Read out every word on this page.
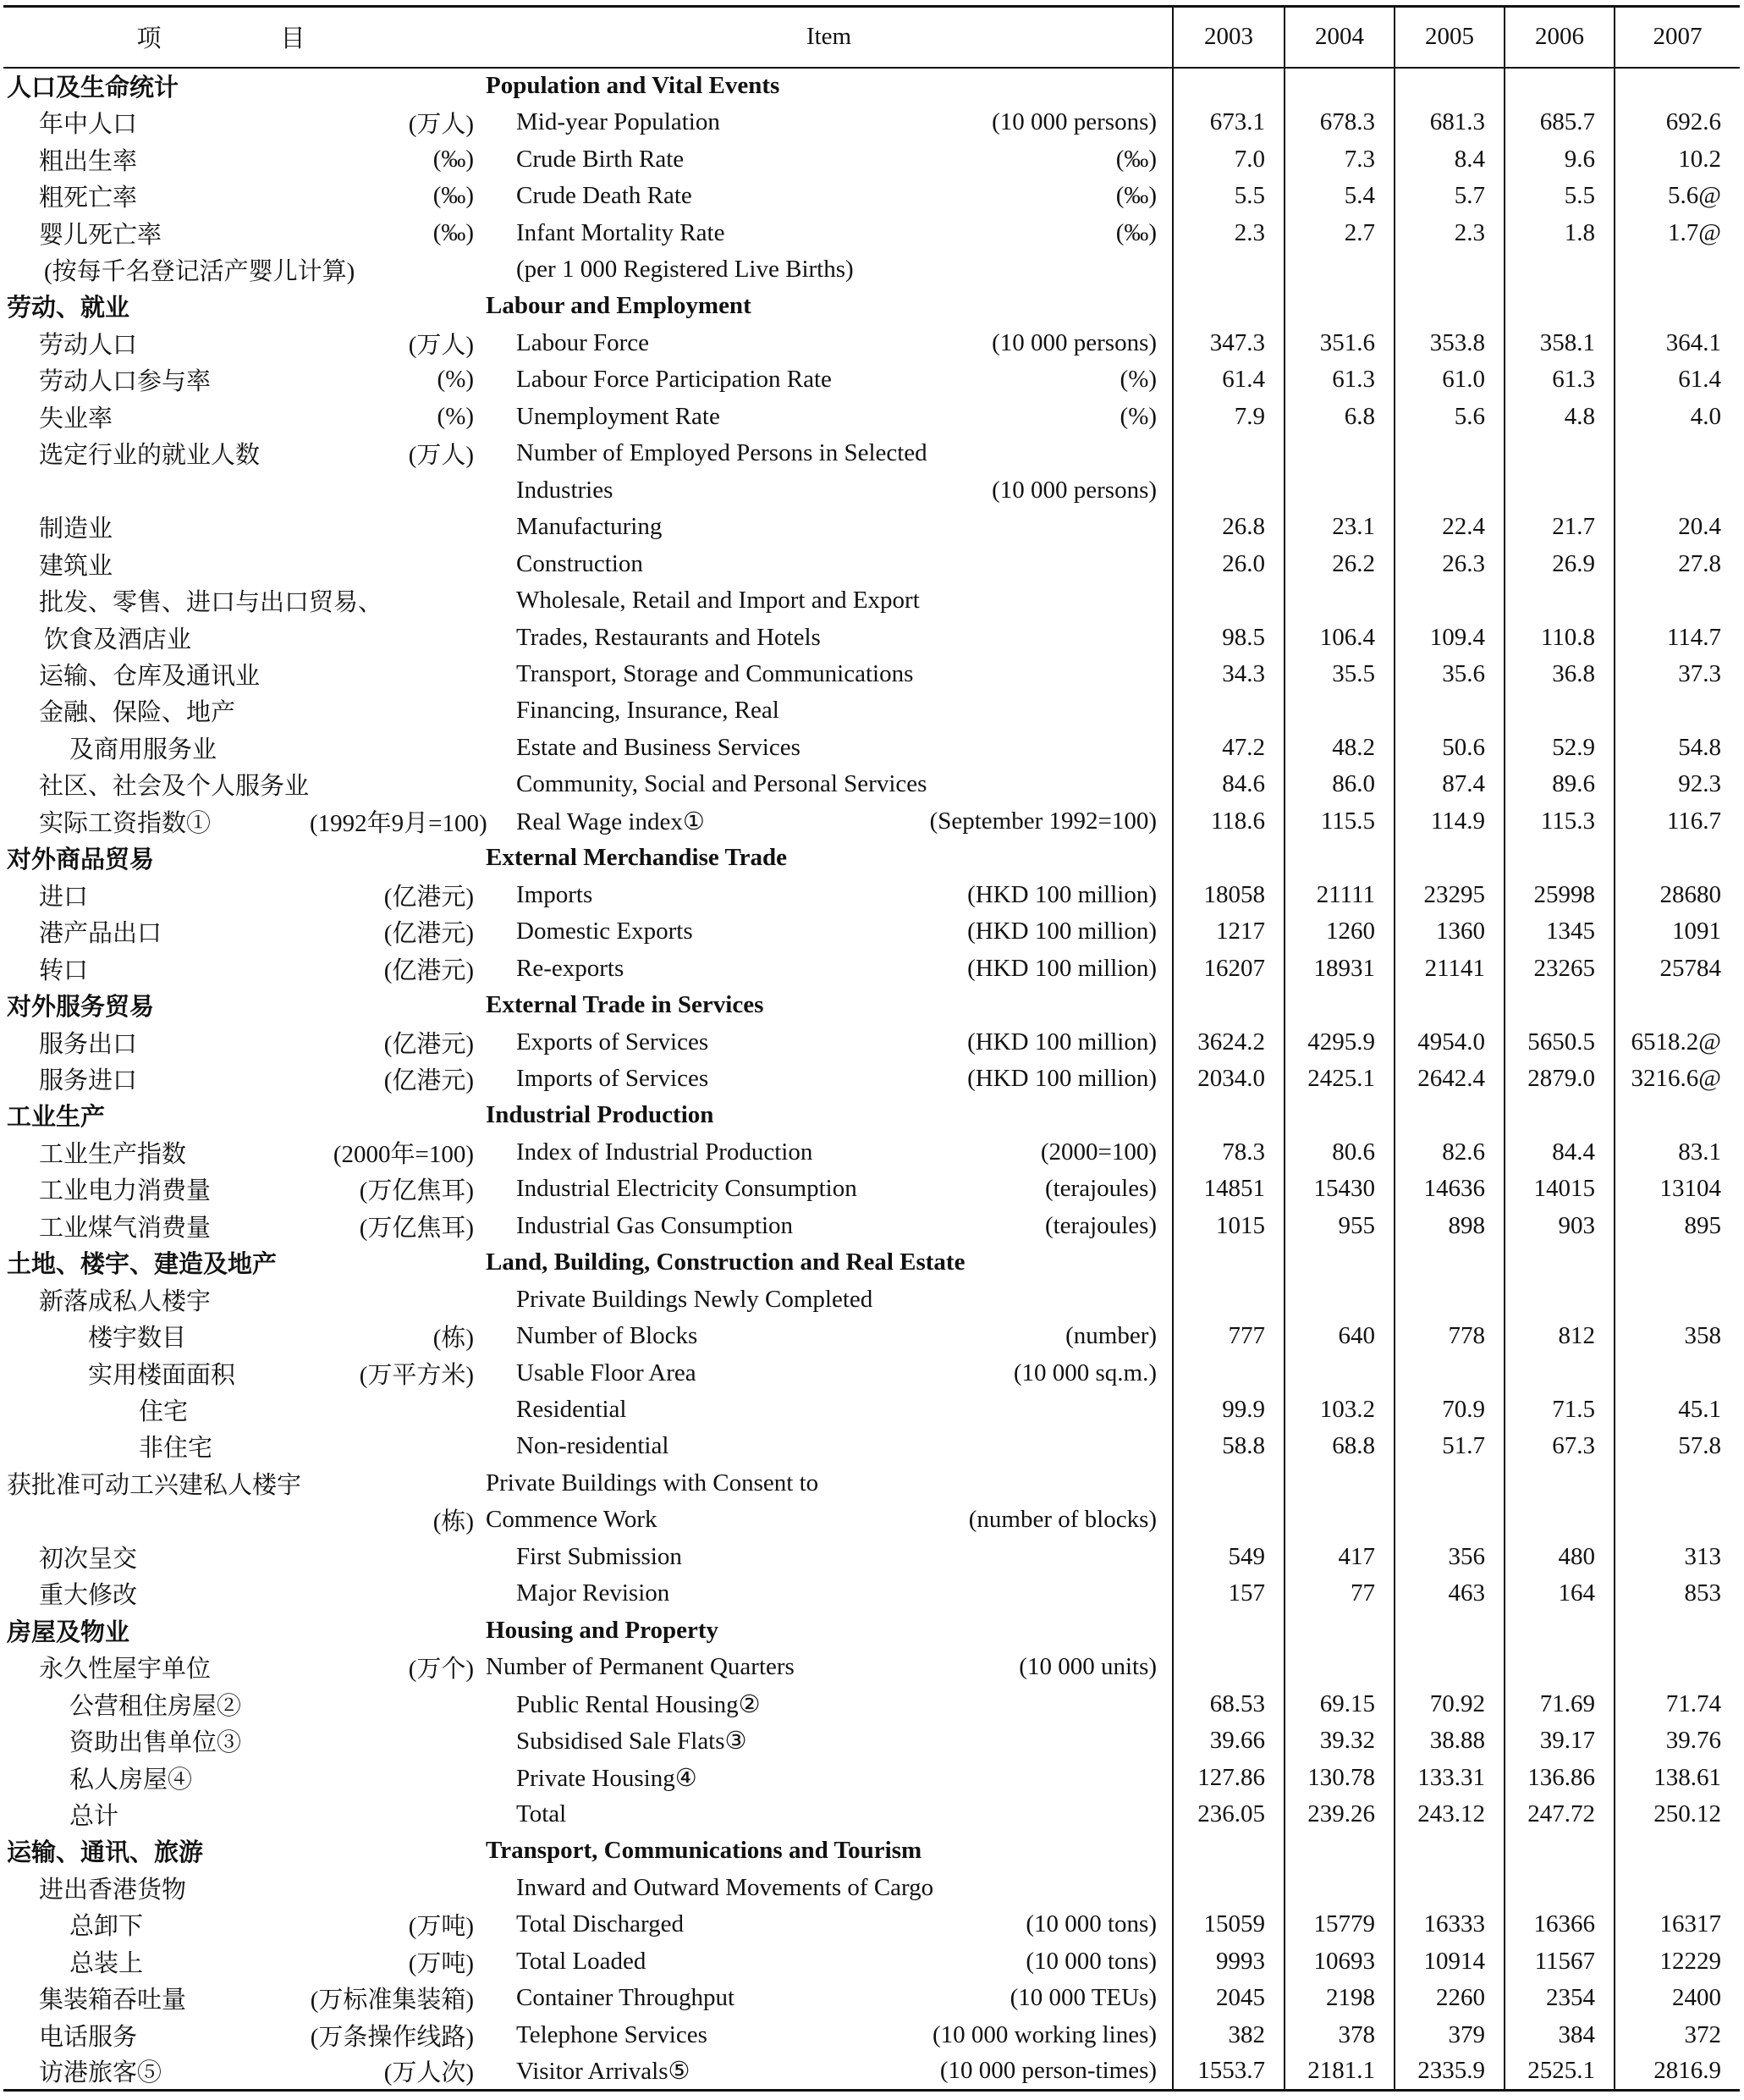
项　目		Item		2003	2004	2005	2006	2007
人口及生命统计		Population and Vital Events						
年中人口	(万人)	Mid-year Population	(10 000 persons)	673.1	678.3	681.3	685.7	692.6
粗出生率	(‰)	Crude Birth Rate	(‰)	7.0	7.3	8.4	9.6	10.2
粗死亡率	(‰)	Crude Death Rate	(‰)	5.5	5.4	5.7	5.5	5.6@
婴儿死亡率	(‰)	Infant Mortality Rate	(‰)	2.3	2.7	2.3	1.8	1.7@
(按每千名登记活产婴儿计算)		(per 1 000 Registered Live Births)						
劳动、就业		Labour and Employment						
劳动人口	(万人)	Labour Force	(10 000 persons)	347.3	351.6	353.8	358.1	364.1
劳动人口参与率	(%)	Labour Force Participation Rate	(%)	61.4	61.3	61.0	61.3	61.4
失业率	(%)	Unemployment Rate	(%)	7.9	6.8	5.6	4.8	4.0
选定行业的就业人数	(万人)	Number of Employed Persons in Selected						
		Industries	(10 000 persons)					
制造业		Manufacturing		26.8	23.1	22.4	21.7	20.4
建筑业		Construction		26.0	26.2	26.3	26.9	27.8
批发、零售、进口与出口贸易、		Wholesale, Retail and Import and Export						
饮食及酒店业		Trades, Restaurants and Hotels		98.5	106.4	109.4	110.8	114.7
运输、仓库及通讯业		Transport, Storage and Communications		34.3	35.5	35.6	36.8	37.3
金融、保险、地产		Financing, Insurance, Real						
及商用服务业		Estate and Business Services		47.2	48.2	50.6	52.9	54.8
社区、社会及个人服务业		Community, Social and Personal Services		84.6	86.0	87.4	89.6	92.3
实际工资指数①	(1992年9月=100)	Real Wage index①	(September 1992=100)	118.6	115.5	114.9	115.3	116.7
对外商品贸易		External Merchandise Trade						
进口	(亿港元)	Imports	(HKD 100 million)	18058	21111	23295	25998	28680
港产品出口	(亿港元)	Domestic Exports	(HKD 100 million)	1217	1260	1360	1345	1091
转口	(亿港元)	Re-exports	(HKD 100 million)	16207	18931	21141	23265	25784
对外服务贸易		External Trade in Services						
服务出口	(亿港元)	Exports of Services	(HKD 100 million)	3624.2	4295.9	4954.0	5650.5	6518.2@
服务进口	(亿港元)	Imports of Services	(HKD 100 million)	2034.0	2425.1	2642.4	2879.0	3216.6@
工业生产		Industrial Production						
工业生产指数	(2000年=100)	Index of Industrial Production	(2000=100)	78.3	80.6	82.6	84.4	83.1
工业电力消费量	(万亿焦耳)	Industrial Electricity Consumption	(terajoules)	14851	15430	14636	14015	13104
工业煤气消费量	(万亿焦耳)	Industrial Gas Consumption	(terajoules)	1015	955	898	903	895
土地、楼宇、建造及地产		Land, Building, Construction and Real Estate						
新落成私人楼宇		Private Buildings Newly Completed						
楼宇数目	(栋)	Number of Blocks	(number)	777	640	778	812	358
实用楼面面积	(万平方米)	Usable Floor Area	(10 000 sq.m.)					
住宅		Residential		99.9	103.2	70.9	71.5	45.1
非住宅		Non-residential		58.8	68.8	51.7	67.3	57.8
获批准可动工兴建私人楼宇		Private Buildings with Consent to						
	(栋)	Commence Work	(number of blocks)					
初次呈交		First Submission		549	417	356	480	313
重大修改		Major Revision		157	77	463	164	853
房屋及物业		Housing and Property						
永久性屋宇单位	(万个)	Number of Permanent Quarters	(10 000 units)					
公营租住房屋②		Public Rental Housing②		68.53	69.15	70.92	71.69	71.74
资助出售单位③		Subsidised Sale Flats③		39.66	39.32	38.88	39.17	39.76
私人房屋④		Private Housing④		127.86	130.78	133.31	136.86	138.61
总计		Total		236.05	239.26	243.12	247.72	250.12
运输、通讯、旅游		Transport, Communications and Tourism						
进出香港货物		Inward and Outward Movements of Cargo						
总卸下	(万吨)	Total Discharged	(10 000 tons)	15059	15779	16333	16366	16317
总装上	(万吨)	Total Loaded	(10 000 tons)	9993	10693	10914	11567	12229
集装箱吞吐量	(万标准集装箱)	Container Throughput	(10 000 TEUs)	2045	2198	2260	2354	2400
电话服务	(万条操作线路)	Telephone Services	(10 000 working lines)	382	378	379	384	372
访港旅客⑤	(万人次)	Visitor Arrivals⑤	(10 000 person-times)	1553.7	2181.1	2335.9	2525.1	2816.9
